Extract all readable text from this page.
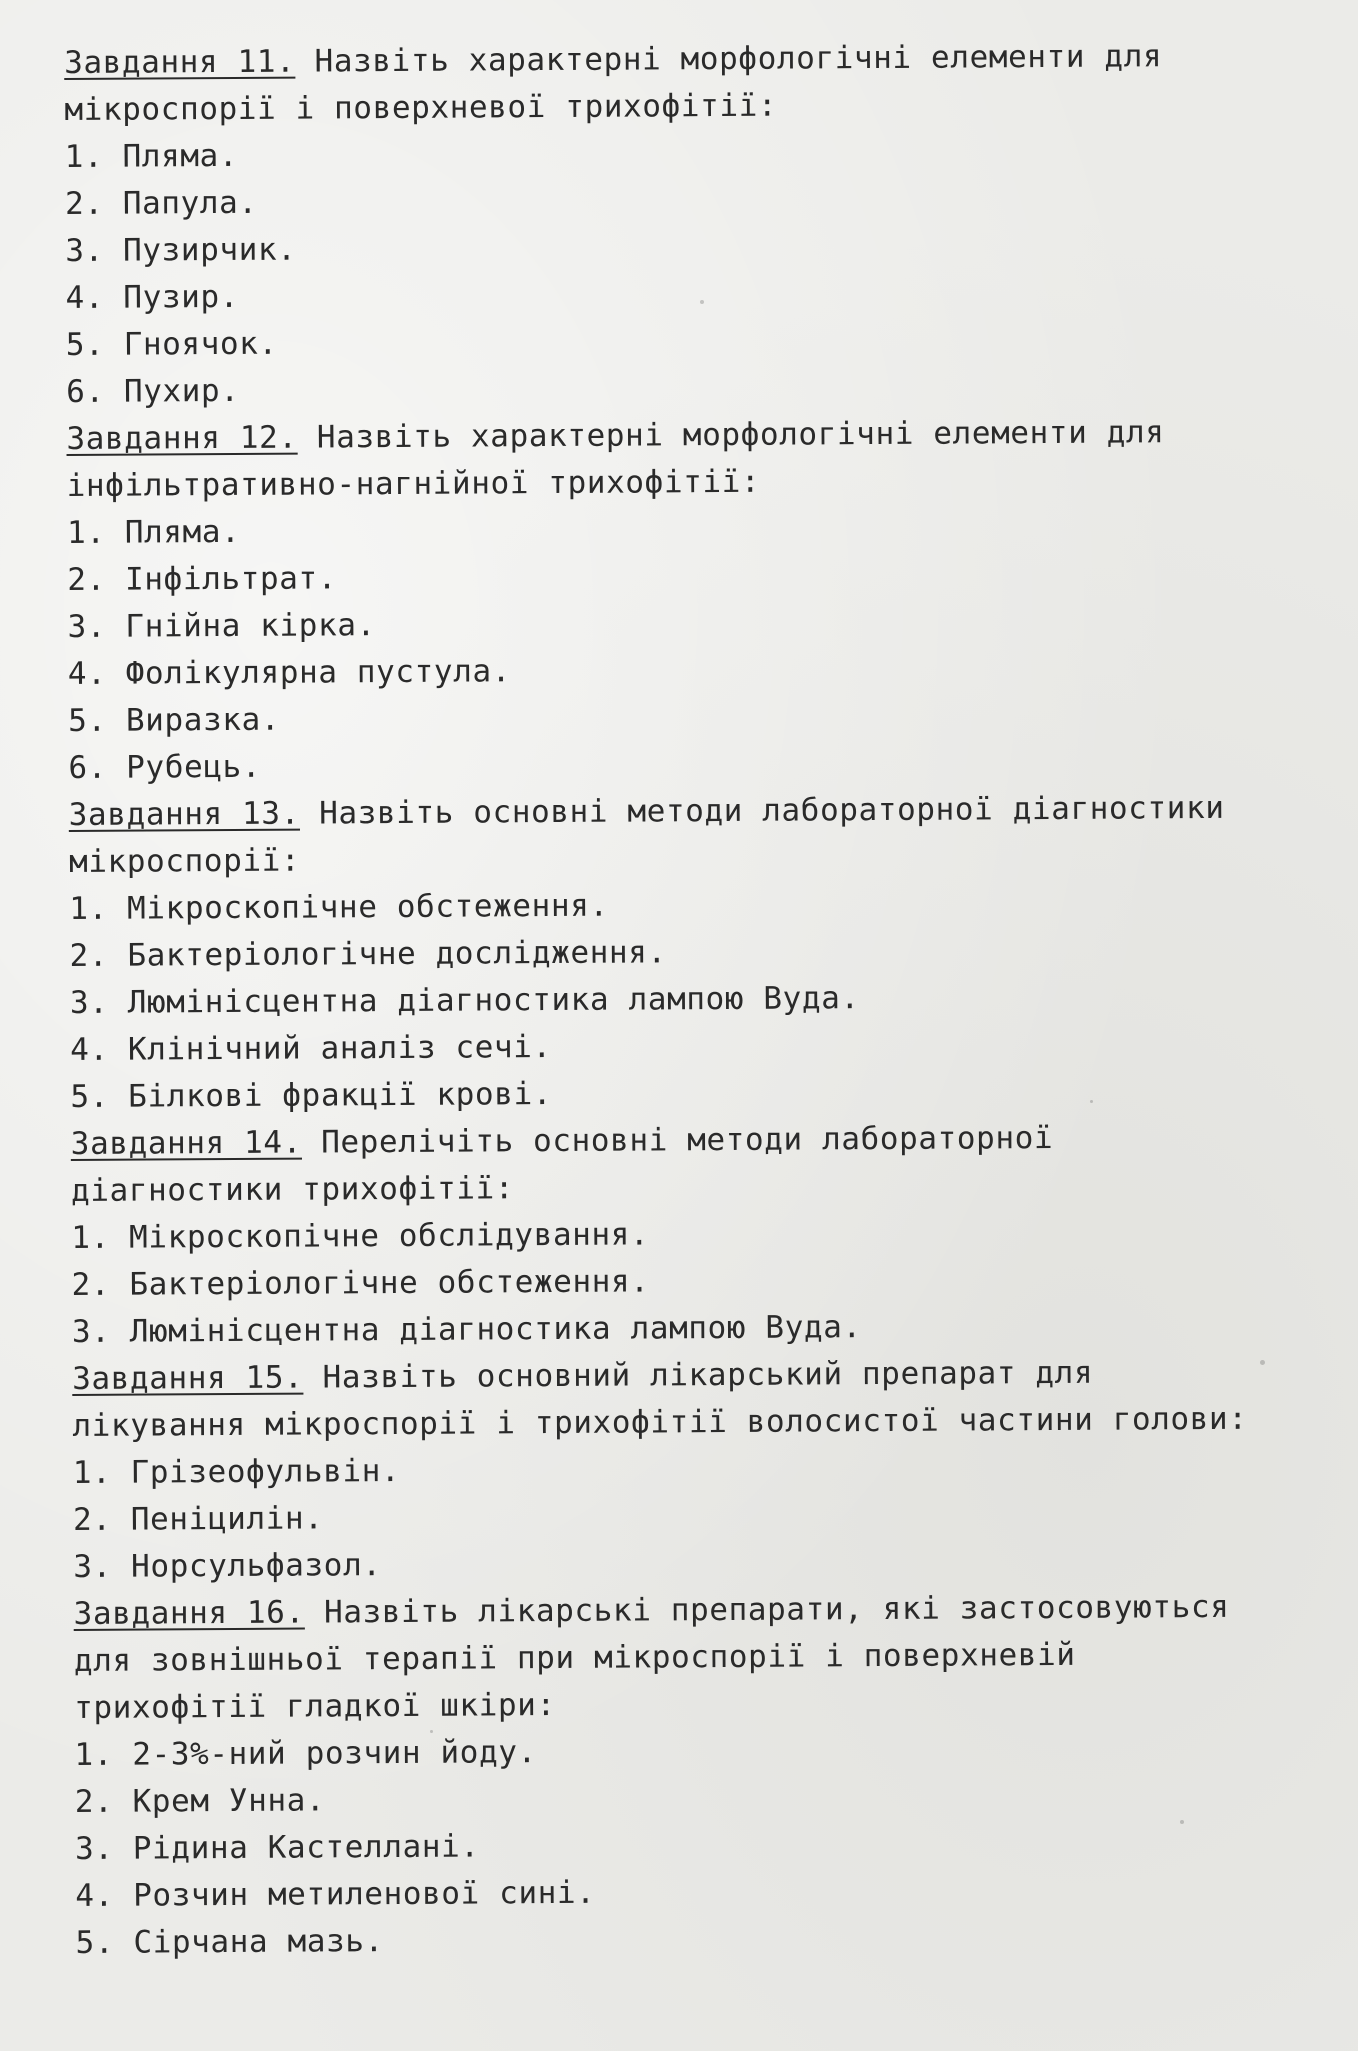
Завдання 11. Назвіть характерні морфологічні елементи для мікроспорії і поверхневої трихофітії:

1. Пляма.

2. Папула.

3. Пузирчик.

4. Пузир.

5. Гноячок.

6. Пухир.

Завдання 12. Назвіть характерні морфологічні елементи для інфільтративно-нагнійної трихофітії:

1. Пляма.

2. Інфільтрат.

3. Гнійна кірка.

4. Фолікулярна пустула.

5. Виразка.

6. Рубець.

Завдання 13. Назвіть основні методи лабораторної діагностики мікроспорії:

1. Мікроскопічне обстеження.

2. Бактеріологічне дослідження.

3. Люмінісцентна діагностика лампою Вуда.

4. Клінічний аналіз сечі.

5. Білкові фракції крові.

Завдання 14. Перелічіть основні методи лабораторної діагностики трихофітії:

1. Мікроскопічне обслідування.

2. Бактеріологічне обстеження.

3. Люмінісцентна діагностика лампою Вуда.

Завдання 15. Назвіть основний лікарський препарат для лікування мікроспорії і трихофітії волосистої частини голови:

1. Грізеофульвін.

2. Пеніцилін.

3. Норсульфазол.

Завдання 16. Назвіть лікарські препарати, які застосовуються для зовнішньої терапії при мікроспорії і поверхневій трихофітії гладкої шкіри:

1. 2-3%-ний розчин йоду.

2. Крем Унна.

3. Рідина Кастеллані.

4. Розчин метиленової сині.

5. Сірчана мазь.
